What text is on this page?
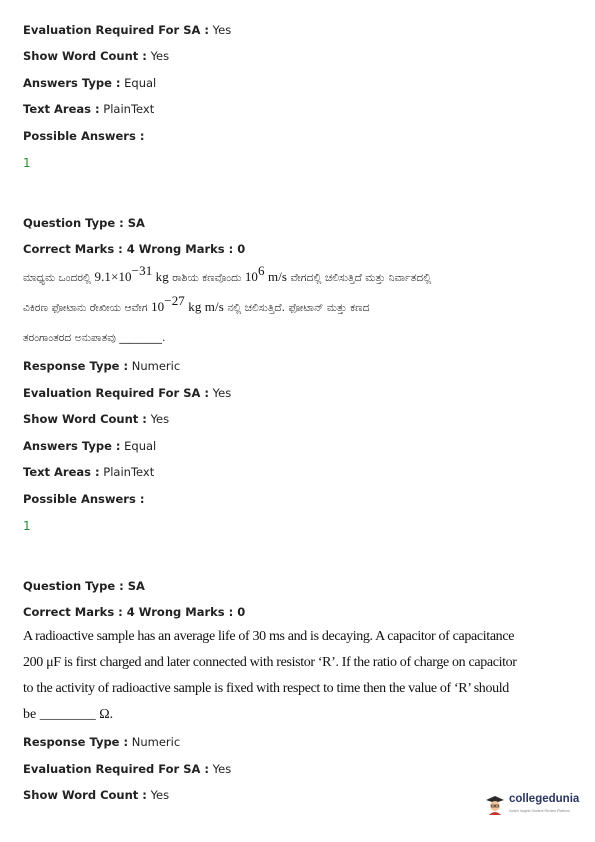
Evaluation Required For SA : Yes
Show Word Count : Yes
Answers Type : Equal
Text Areas : PlainText
Possible Answers :
1
Question Type : SA
Correct Marks : 4 Wrong Marks : 0
ಮಾಧ್ಯಮ ಒಂದರಲ್ಲಿ $9.1\times 10^{-31}$ kg ರಾಶಿಯ ಕಣವೊಂದು $10^6$ m/s ವೇಗದಲ್ಲಿ ಚಲಿಸುತ್ತಿದೆ ಮತ್ತು ನಿರ್ವಾತದಲ್ಲಿ
ವಿಕಿರಣ ಫೋಟಾನು ರೇಖೀಯ ಆವೇಗ $10^{-27}$ kg m/s ನಲ್ಲಿ ಚಲಿಸುತ್ತಿದೆ. ಫೋಟಾನ್ ಮತ್ತು ಕಣದ
ತರಂಗಾಂತರದ ಅನುಪಾತವು ________.
Response Type : Numeric
Evaluation Required For SA : Yes
Show Word Count : Yes
Answers Type : Equal
Text Areas : PlainText
Possible Answers :
1
Question Type : SA
Correct Marks : 4 Wrong Marks : 0
A radioactive sample has an average life of 30 ms and is decaying. A capacitor of capacitance
200 μF is first charged and later connected with resistor ‘R’. If the ratio of charge on capacitor
to the activity of radioactive sample is fixed with respect to time then the value of ‘R’ should
be ________ Ω.
Response Type : Numeric
Evaluation Required For SA : Yes
Show Word Count : Yes	collegedunia
India's largest Student Review Platform
